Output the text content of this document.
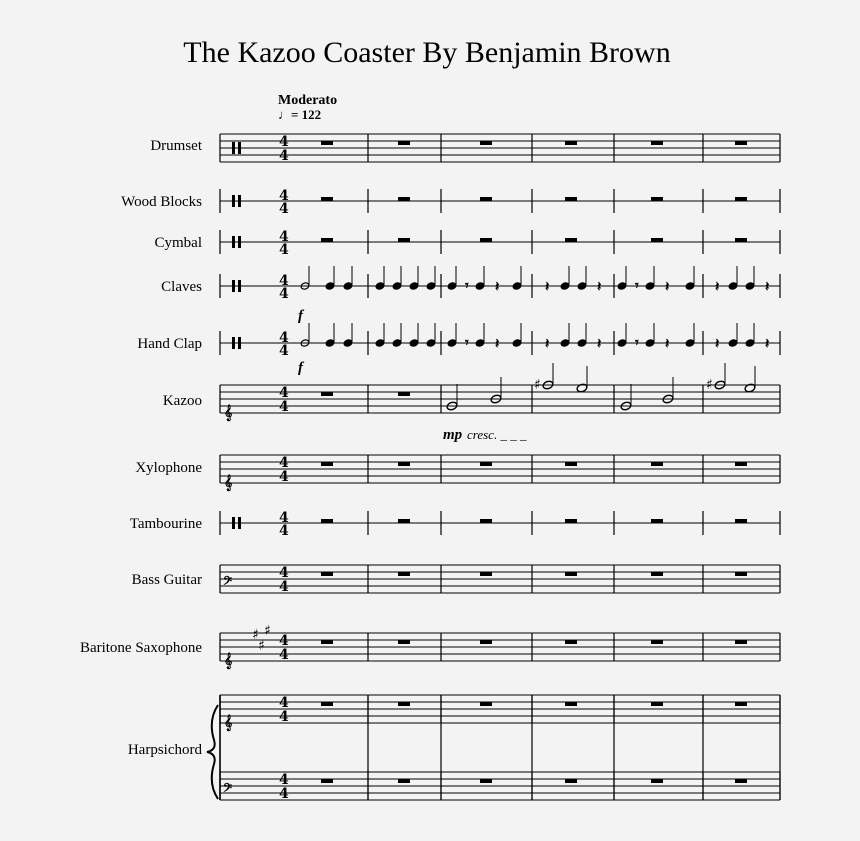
The Kazoo Coaster By Benjamin Brown
Moderato
♩= 122
Drumset
Wood Blocks
Cymbal
Claves
Hand Clap
Kazoo
Xylophone
Tambourine
Bass Guitar
Baritone Saxophone
Harpsichord
f
f
mp cresc. _ _ _
4
4
4
4
4
4
4
4
4
4
4
4
𝄞
4
4
𝄞
4
4
4
4
𝄢
4
4
𝄞
♯
♯
♯
4
4
𝄞
4
4
𝄢
𝄾 𝄽	𝄽	𝄽 𝄾 𝄽	𝄽	𝄽
𝄾 𝄽	𝄽	𝄽 𝄾 𝄽	𝄽	𝄽
♯	♯
